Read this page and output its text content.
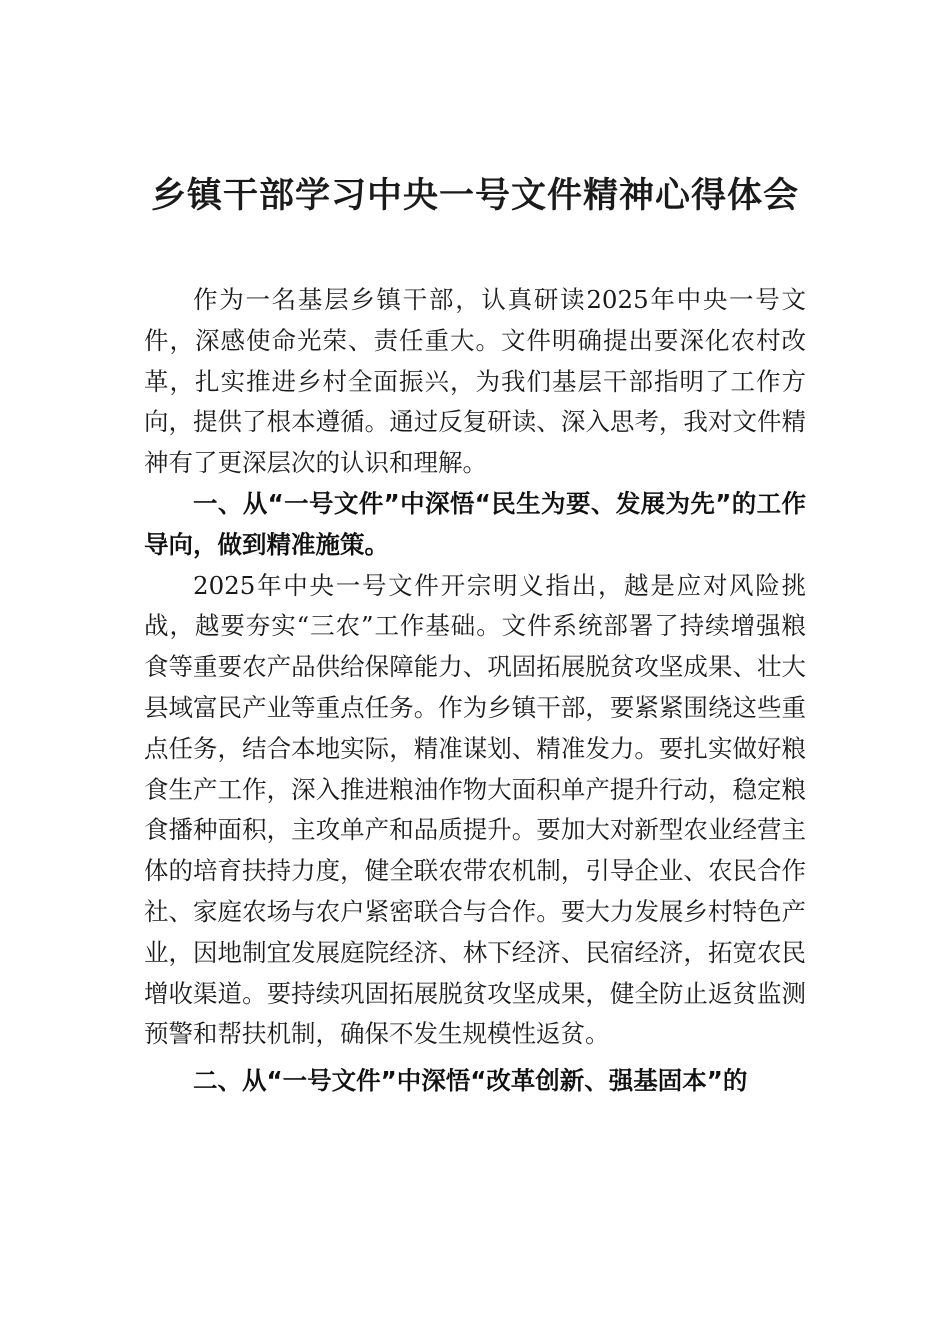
乡镇干部学习中央一号文件精神心得体会

作为一名基层乡镇干部，认真研读2025年中央一号文件，深感使命光荣、责任重大。文件明确提出要深化农村改革，扎实推进乡村全面振兴，为我们基层干部指明了工作方向，提供了根本遵循。通过反复研读、深入思考，我对文件精神有了更深层次的认识和理解。

一、从“一号文件”中深悟“民生为要、发展为先”的工作导向，做到精准施策。

2025年中央一号文件开宗明义指出，越是应对风险挑战，越要夯实“三农”工作基础。文件系统部署了持续增强粮食等重要农产品供给保障能力、巩固拓展脱贫攻坚成果、壮大县域富民产业等重点任务。作为乡镇干部，要紧紧围绕这些重点任务，结合本地实际，精准谋划、精准发力。要扎实做好粮食生产工作，深入推进粮油作物大面积单产提升行动，稳定粮食播种面积，主攻单产和品质提升。要加大对新型农业经营主体的培育扶持力度，健全联农带农机制，引导企业、农民合作社、家庭农场与农户紧密联合与合作。要大力发展乡村特色产业，因地制宜发展庭院经济、林下经济、民宿经济，拓宽农民增收渠道。要持续巩固拓展脱贫攻坚成果，健全防止返贫监测预警和帮扶机制，确保不发生规模性返贫。

二、从“一号文件”中深悟“改革创新、强基固本”的
